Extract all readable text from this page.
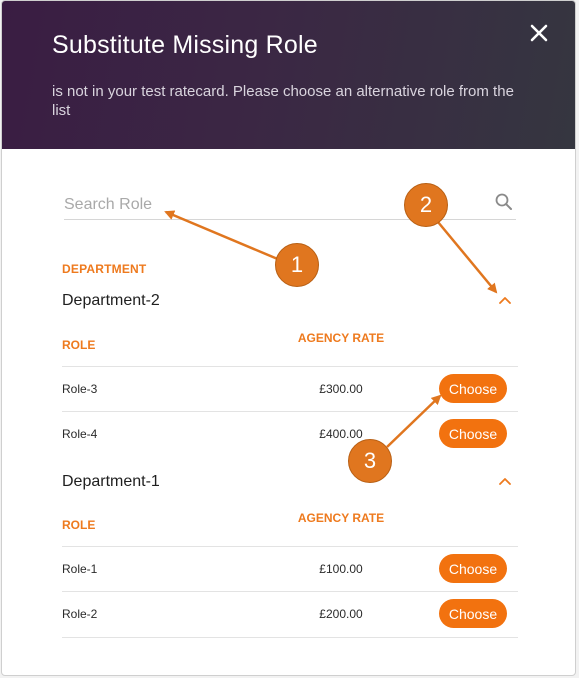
Substitute Missing Role

is not in your test ratecard. Please choose an alternative role from the list

Search Role
DEPARTMENT
Department-2
ROLE	AGENCY RATE
Role-3	£300.00	Choose
Role-4	£400.00	Choose
Department-1
ROLE	AGENCY RATE
Role-1	£100.00	Choose
Role-2	£200.00	Choose
1
2
3
